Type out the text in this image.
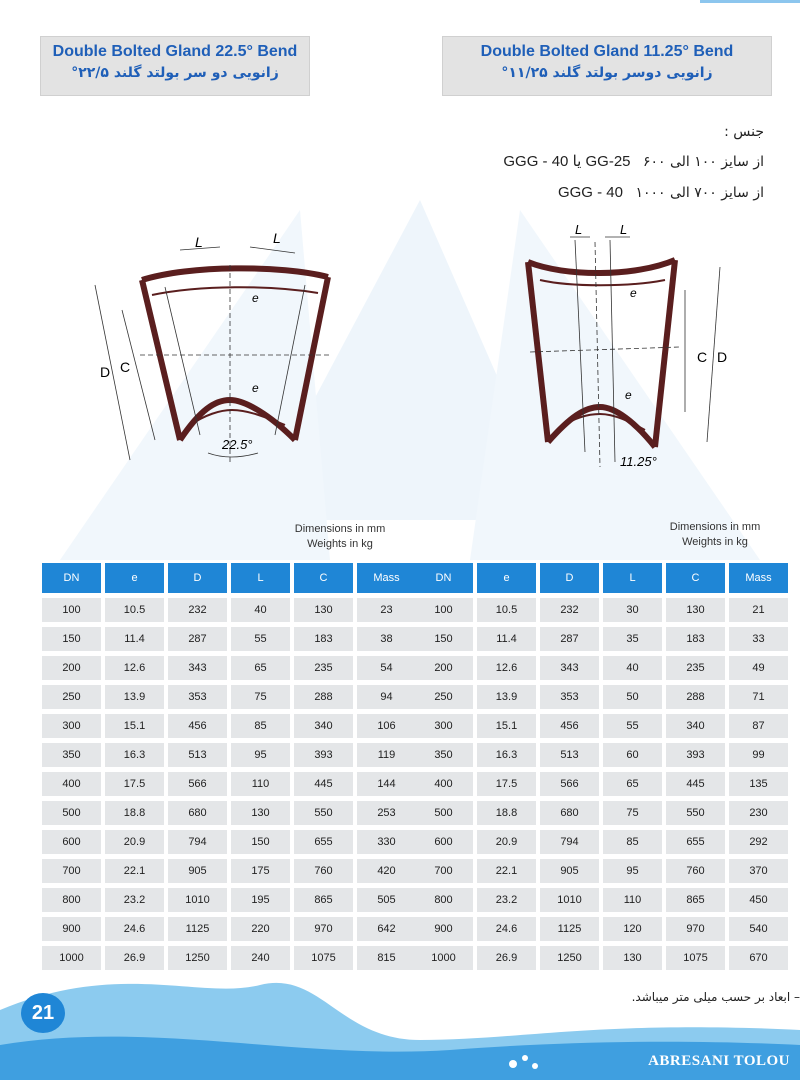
Double Bolted Gland 22.5° Bend
زانویی دو سر بولتد گلند ۲۲/۵°
Double Bolted Gland 11.25° Bend
زانویی دوسر بولتد گلند ۱۱/۲۵°
جنس :
از سایز ۱۰۰ الی ۶۰۰ GG-25 یا GGG - 40
از سایز ۷۰۰ الی ۱۰۰۰ GGG - 40
D C
L	L
e
e
22.5°
L	L
e
e
C D
11.25°
Dimensions in mm
Weights in kg
Dimensions in mm
Weights in kg
DN	e	D	L	C	Mass
100	10.5	232	40	130	23
150	11.4	287	55	183	38
200	12.6	343	65	235	54
250	13.9	353	75	288	94
300	15.1	456	85	340	106
350	16.3	513	95	393	119
400	17.5	566	110	445	144
500	18.8	680	130	550	253
600	20.9	794	150	655	330
700	22.1	905	175	760	420
800	23.2	1010	195	865	505
900	24.6	1125	220	970	642
1000	26.9	1250	240	1075	815
DN	e	D	L	C	Mass
100	10.5	232	30	130	21
150	11.4	287	35	183	33
200	12.6	343	40	235	49
250	13.9	353	50	288	71
300	15.1	456	55	340	87
350	16.3	513	60	393	99
400	17.5	566	65	445	135
500	18.8	680	75	550	230
600	20.9	794	85	655	292
700	22.1	905	95	760	370
800	23.2	1010	110	865	450
900	24.6	1125	120	970	540
1000	26.9	1250	130	1075	670
– ابعاد بر حسب میلی متر میباشد.
21
ABRESANI TOLOU
